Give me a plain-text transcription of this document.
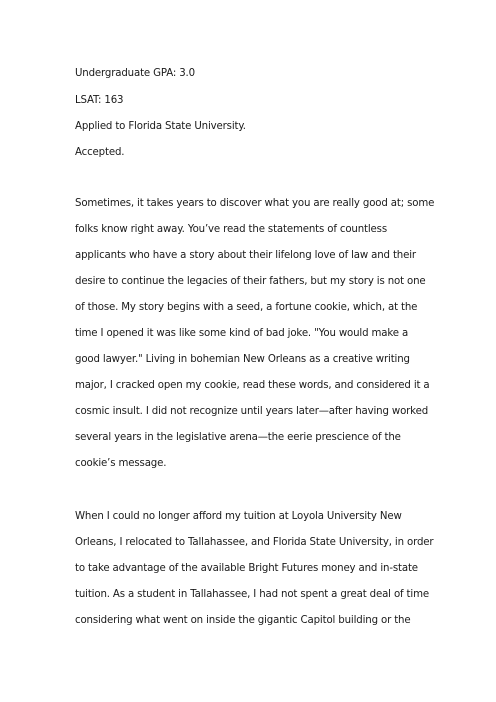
Undergraduate GPA: 3.0
LSAT: 163
Applied to Florida State University.
Accepted.

Sometimes, it takes years to discover what you are really good at; some
folks know right away. You’ve read the statements of countless
applicants who have a story about their lifelong love of law and their
desire to continue the legacies of their fathers, but my story is not one
of those. My story begins with a seed, a fortune cookie, which, at the
time I opened it was like some kind of bad joke. "You would make a
good lawyer." Living in bohemian New Orleans as a creative writing
major, I cracked open my cookie, read these words, and considered it a
cosmic insult. I did not recognize until years later—after having worked
several years in the legislative arena—the eerie prescience of the
cookie’s message.

When I could no longer afford my tuition at Loyola University New
Orleans, I relocated to Tallahassee, and Florida State University, in order
to take advantage of the available Bright Futures money and in-state
tuition. As a student in Tallahassee, I had not spent a great deal of time
considering what went on inside the gigantic Capitol building or the
